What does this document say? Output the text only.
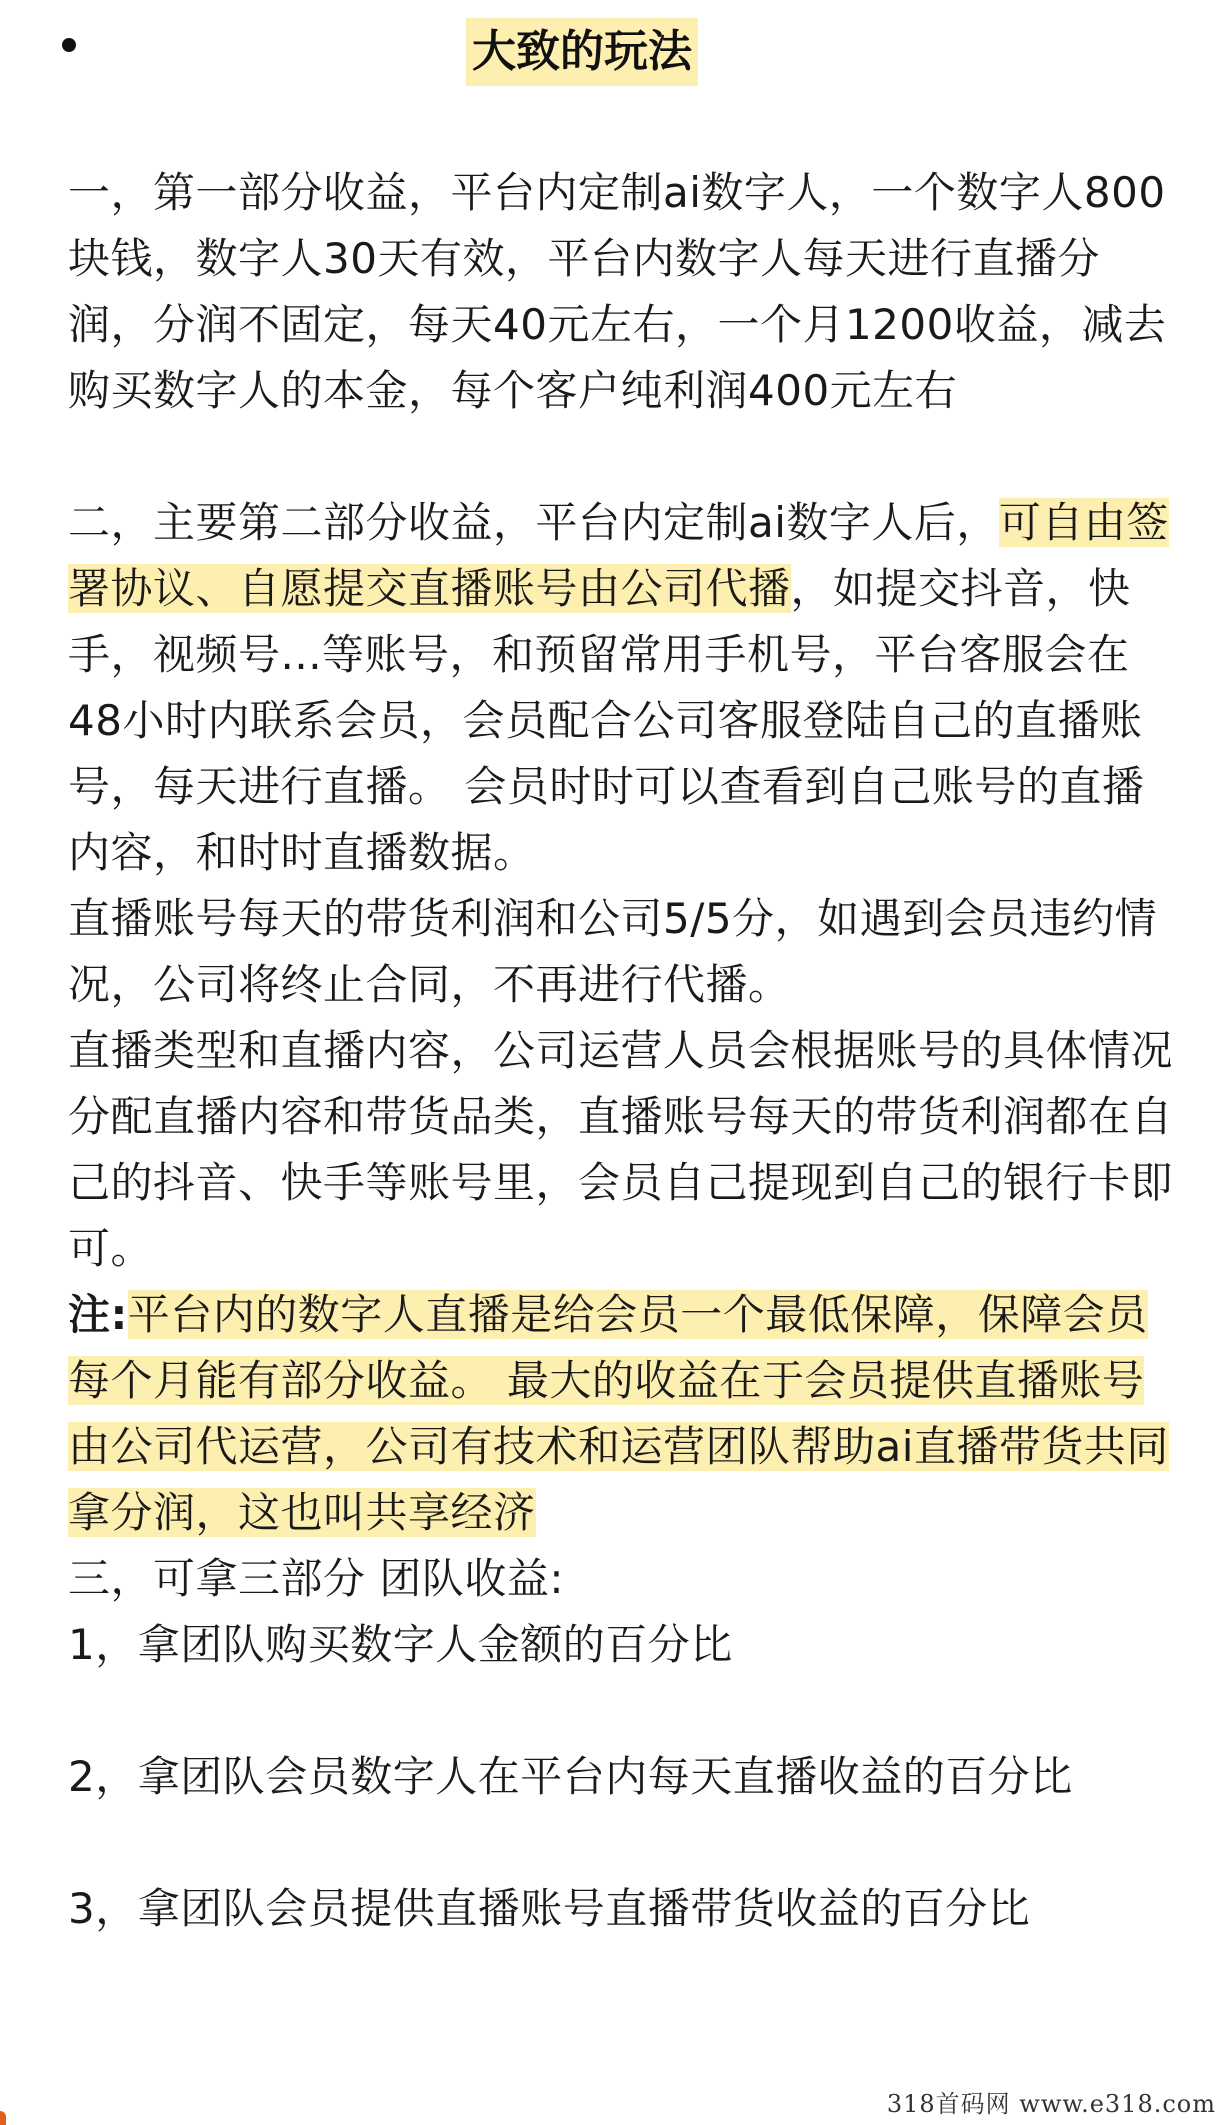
大致的玩法

一，第一部分收益，平台内定制ai数字人，一个数字人800块钱，数字人30天有效，平台内数字人每天进行直播分润，分润不固定，每天40元左右，一个月1200收益，减去购买数字人的本金，每个客户纯利润400元左右

二，主要第二部分收益，平台内定制ai数字人后，可自由签署协议、自愿提交直播账号由公司代播，如提交抖音，快手，视频号...等账号，和预留常用手机号，平台客服会在48小时内联系会员，会员配合公司客服登陆自己的直播账号，每天进行直播。 会员时时可以查看到自己账号的直播内容，和时时直播数据。

直播账号每天的带货利润和公司5/5分，如遇到会员违约情况，公司将终止合同，不再进行代播。

直播类型和直播内容，公司运营人员会根据账号的具体情况分配直播内容和带货品类，直播账号每天的带货利润都在自己的抖音、快手等账号里，会员自己提现到自己的银行卡即可。

注:平台内的数字人直播是给会员一个最低保障，保障会员每个月能有部分收益。 最大的收益在于会员提供直播账号由公司代运营，公司有技术和运营团队帮助ai直播带货共同拿分润，这也叫共享经济

三，可拿三部分 团队收益:

1，拿团队购买数字人金额的百分比

2，拿团队会员数字人在平台内每天直播收益的百分比

3，拿团队会员提供直播账号直播带货收益的百分比

318首码网 www.e318.com
